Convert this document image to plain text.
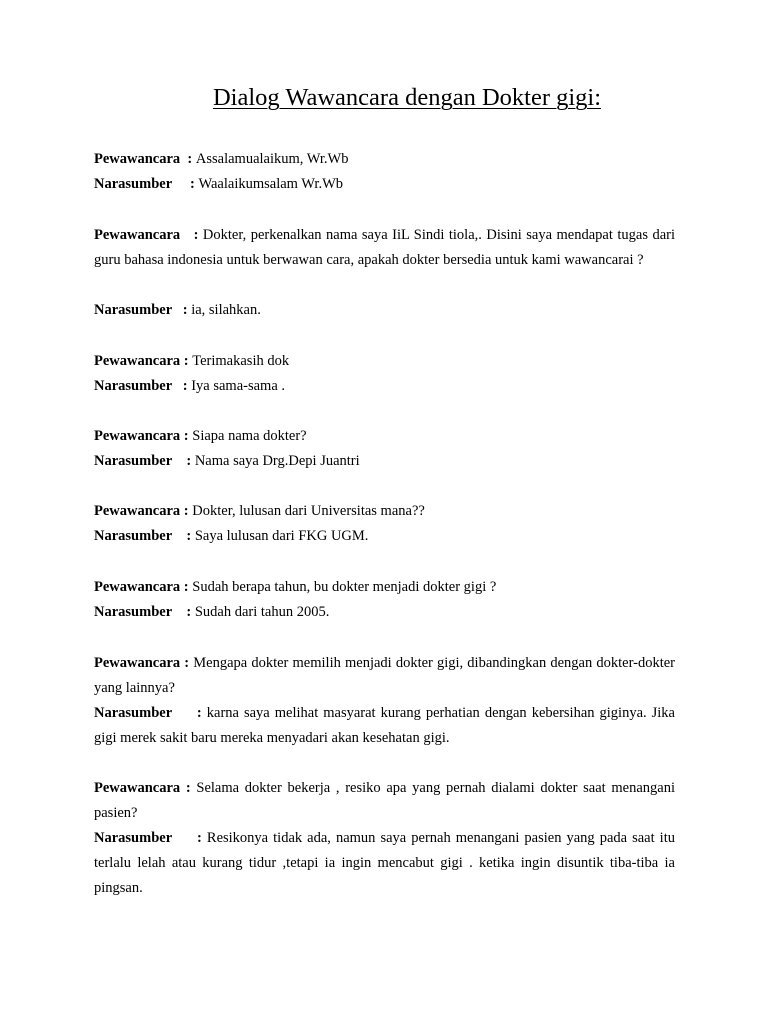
Dialog Wawancara dengan Dokter gigi:

Pewawancara  : Assalamualaikum, Wr.Wb

Narasumber     : Waalaikumsalam Wr.Wb

Pewawancara   : Dokter, perkenalkan nama saya IiL Sindi tiola,. Disini saya mendapat tugas dari guru bahasa indonesia untuk berwawan cara, apakah dokter bersedia untuk kami wawancarai ?

Narasumber   : ia, silahkan.

Pewawancara : Terimakasih dok

Narasumber   : Iya sama-sama .

Pewawancara : Siapa nama dokter?

Narasumber    : Nama saya Drg.Depi Juantri

Pewawancara : Dokter, lulusan dari Universitas mana??

Narasumber    : Saya lulusan dari FKG UGM.

Pewawancara : Sudah berapa tahun, bu dokter menjadi dokter gigi ?

Narasumber    : Sudah dari tahun 2005.

Pewawancara : Mengapa dokter memilih menjadi dokter gigi, dibandingkan dengan dokter-dokter yang lainnya?

Narasumber     : karna saya melihat masyarat kurang perhatian dengan kebersihan giginya. Jika gigi merek sakit baru mereka menyadari akan kesehatan gigi.

Pewawancara : Selama dokter bekerja , resiko apa yang pernah dialami dokter saat menangani pasien?

Narasumber     : Resikonya tidak ada, namun saya pernah menangani pasien yang pada saat itu terlalu lelah atau kurang tidur ,tetapi ia ingin mencabut gigi . ketika ingin disuntik tiba-tiba ia pingsan.
